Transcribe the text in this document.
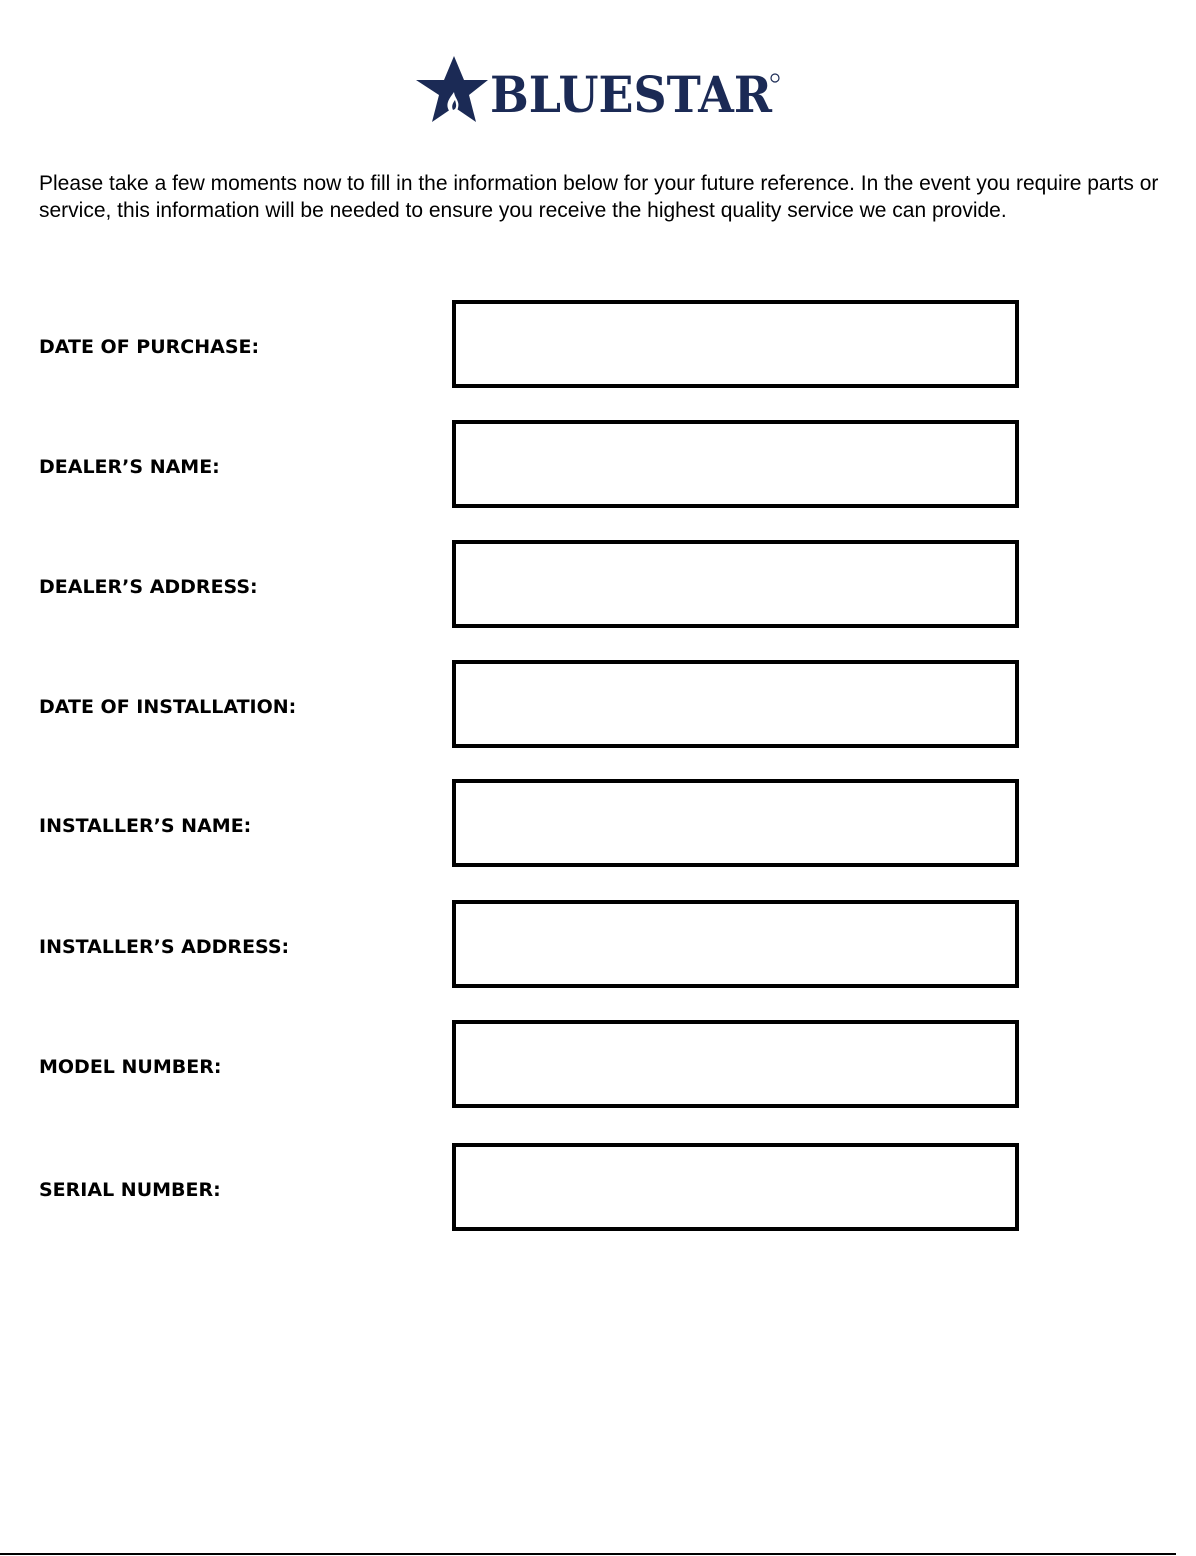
BLUESTAR

Please take a few moments now to fill in the information below for your future reference. In the event you require parts or service, this information will be needed to ensure you receive the highest quality service we can provide.

DATE OF PURCHASE:
DEALER’S NAME:
DEALER’S ADDRESS:
DATE OF INSTALLATION:
INSTALLER’S NAME:
INSTALLER’S ADDRESS:
MODEL NUMBER:
SERIAL NUMBER:
